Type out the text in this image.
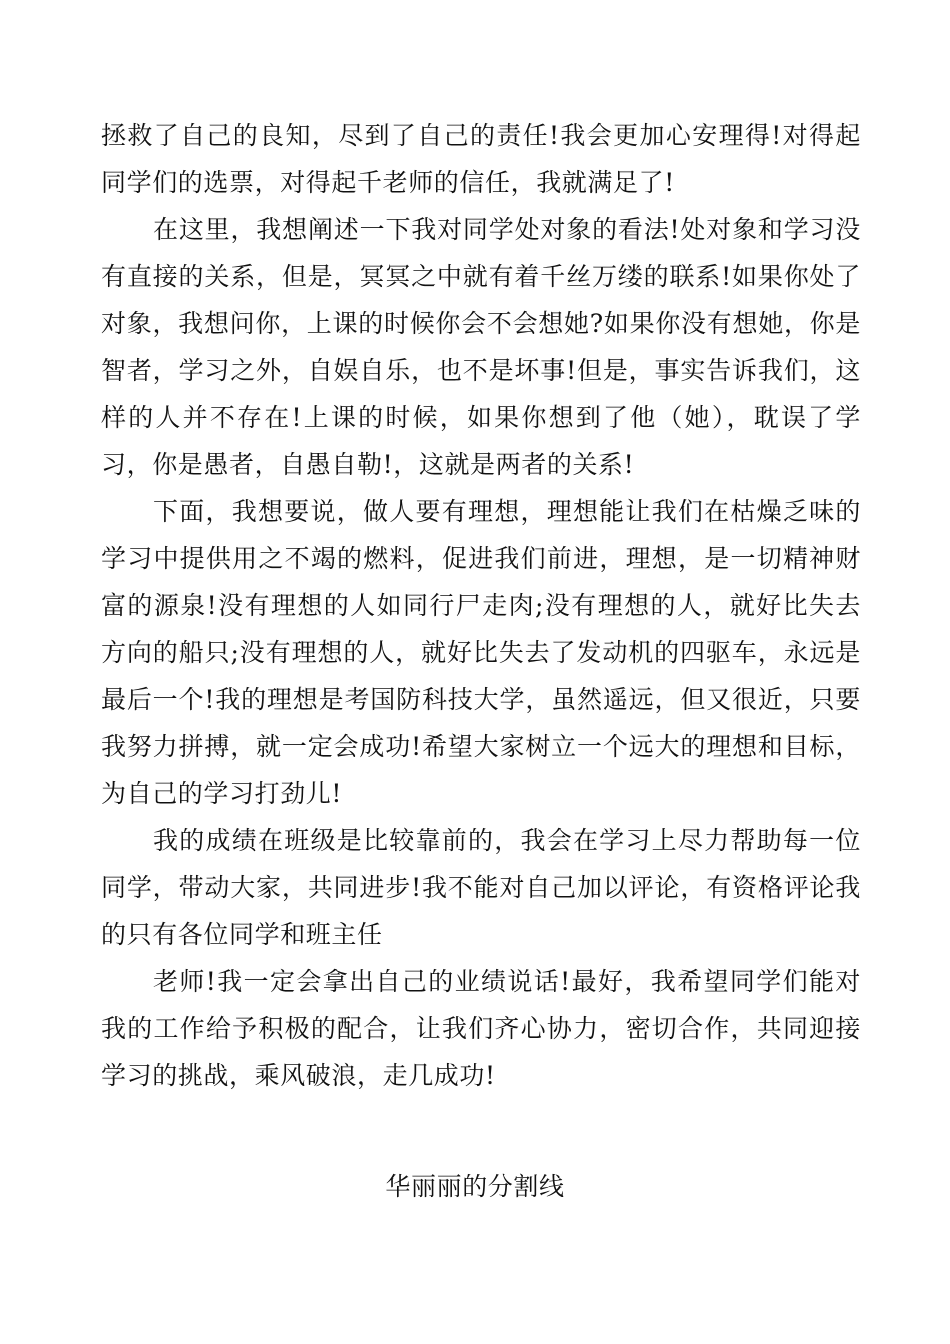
拯救了自己的良知，尽到了自己的责任!我会更加心安理得!对得起同学们的选票，对得起千老师的信任，我就满足了!

在这里，我想阐述一下我对同学处对象的看法!处对象和学习没有直接的关系，但是，冥冥之中就有着千丝万缕的联系!如果你处了对象，我想问你，上课的时候你会不会想她?如果你没有想她，你是智者，学习之外，自娱自乐，也不是坏事!但是，事实告诉我们，这样的人并不存在!上课的时候，如果你想到了他（她），耽误了学习，你是愚者，自愚自勒!，这就是两者的关系!

下面，我想要说，做人要有理想，理想能让我们在枯燥乏味的学习中提供用之不竭的燃料，促进我们前进，理想，是一切精神财富的源泉!没有理想的人如同行尸走肉;没有理想的人，就好比失去方向的船只;没有理想的人，就好比失去了发动机的四驱车，永远是最后一个!我的理想是考国防科技大学，虽然遥远，但又很近，只要我努力拼搏，就一定会成功!希望大家树立一个远大的理想和目标，为自己的学习打劲儿!

我的成绩在班级是比较靠前的，我会在学习上尽力帮助每一位同学，带动大家，共同进步!我不能对自己加以评论，有资格评论我的只有各位同学和班主任

老师!我一定会拿出自己的业绩说话!最好，我希望同学们能对我的工作给予积极的配合，让我们齐心协力，密切合作，共同迎接学习的挑战，乘风破浪，走几成功!

华丽丽的分割线
